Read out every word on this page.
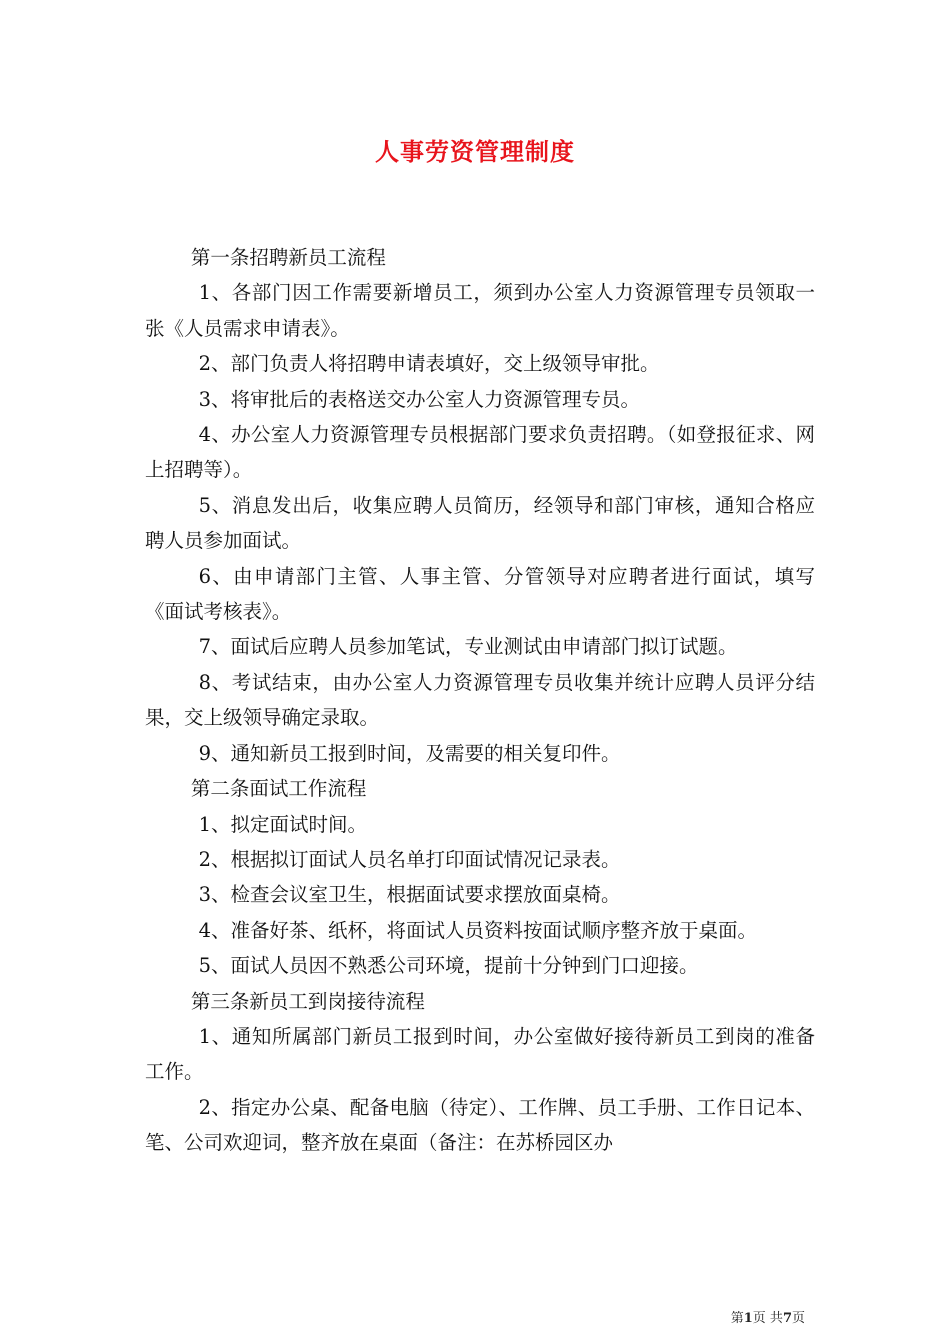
人事劳资管理制度

第一条招聘新员工流程

1、各部门因工作需要新增员工，须到办公室人力资源管理专员领取一张《人员需求申请表》。

2、部门负责人将招聘申请表填好，交上级领导审批。

3、将审批后的表格送交办公室人力资源管理专员。

4、办公室人力资源管理专员根据部门要求负责招聘。（如登报征求、网上招聘等）。

5、消息发出后，收集应聘人员简历，经领导和部门审核，通知合格应聘人员参加面试。

6、由申请部门主管、人事主管、分管领导对应聘者进行面试，填写《面试考核表》。

7、面试后应聘人员参加笔试，专业测试由申请部门拟订试题。

8、考试结束，由办公室人力资源管理专员收集并统计应聘人员评分结果，交上级领导确定录取。

9、通知新员工报到时间，及需要的相关复印件。

第二条面试工作流程

1、拟定面试时间。

2、根据拟订面试人员名单打印面试情况记录表。

3、检查会议室卫生，根据面试要求摆放面桌椅。

4、准备好茶、纸杯，将面试人员资料按面试顺序整齐放于桌面。

5、面试人员因不熟悉公司环境，提前十分钟到门口迎接。

第三条新员工到岗接待流程

1、通知所属部门新员工报到时间，办公室做好接待新员工到岗的准备工作。

2、指定办公桌、配备电脑（待定）、工作牌、员工手册、工作日记本、笔、公司欢迎词，整齐放在桌面（备注：在苏桥园区办

第1页 共7页
